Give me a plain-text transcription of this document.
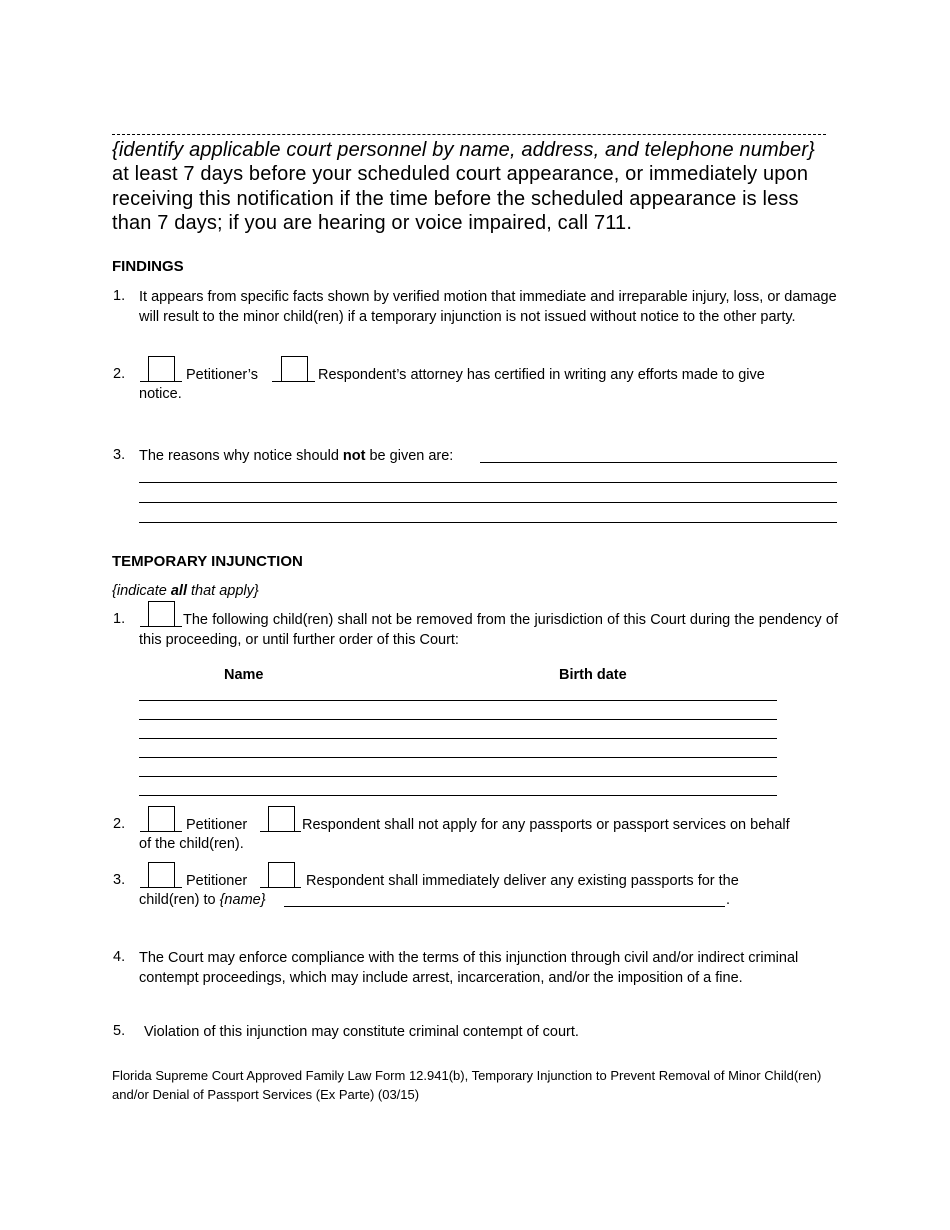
{identify applicable court personnel by name, address, and telephone number}
at least 7 days before your scheduled court appearance, or immediately upon
receiving this notification if the time before the scheduled appearance is less
than 7 days; if you are hearing or voice impaired, call 711.
FINDINGS
1. It appears from specific facts shown by verified motion that immediate and irreparable injury, loss, or damage will result to the minor child(ren) if a temporary injunction is not issued without notice to the other party.
2.	Petitioner’s	Respondent’s attorney has certified in writing any efforts made to give
notice.
3. The reasons why notice should not be given are:
TEMPORARY INJUNCTION
{indicate all that apply}
1.	The following child(ren) shall not be removed from the jurisdiction of this Court during the pendency of this proceeding, or until further order of this Court:
Name	Birth date
2.	Petitioner	Respondent shall not apply for any passports or passport services on behalf
of the child(ren).
3.	Petitioner	Respondent shall immediately deliver any existing passports for the
child(ren) to {name}	.
4. The Court may enforce compliance with the terms of this injunction through civil and/or indirect criminal contempt proceedings, which may include arrest, incarceration, and/or the imposition of a fine.
5. Violation of this injunction may constitute criminal contempt of court.
Florida Supreme Court Approved Family Law Form 12.941(b), Temporary Injunction to Prevent Removal of Minor Child(ren) and/or Denial of Passport Services (Ex Parte) (03/15)
